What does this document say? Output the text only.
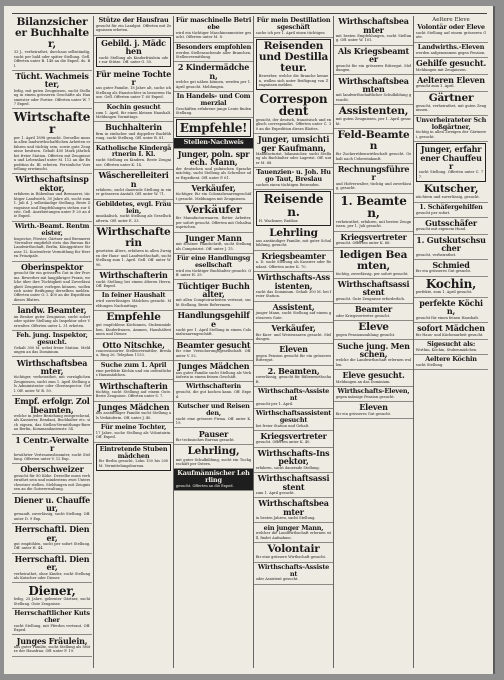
Bilanzsicherer Buchhalter,
33 J., verheirathet, durchaus selbständig, sucht per bald oder später Stellung. Gefl. Offerten unter B. 148 an die Exped. ds. Bl.
Tücht. Wachmeister,
ledig, mit guten Zeugnissen, sucht Stellung in einem grösseren Geschäfte als Hausmeister oder Portier. Offerten unter W. 77 Exped.
Wirtschafter
per 1. April 1898 gesucht. Derselbe muss in allen landwirthschaftlichen Arbeiten erfahren und tüchtig sein, sowie gute Zeugnisse besitzen. Gehalt 400 Mark jährlich bei freier Station. Offerten mit Zeugnissen und Lebenslauf unter M. 112 an die Expedition ds. Bl. erbeten. Persönliche Vorstellung erwünscht.
Wirthschaftsinspektor,
erfahren in Rübenbau und Brennerei, tüchtiger Landwirth, 30 Jahre alt, sucht zum 1. Juli d. J. selbständige Stellung. Beste Zeugnisse und Empfehlungen stehen zur Seite. Gefl. Anerbietungen unter P. 20 an die Exped.
Wirth.-Beamt. Rentmeister,
Inspector, Förster, Gärtner und Brennerei-Verwalter empfiehlt stets das Bureau für Landwirthschaft, Berlin, Königgrätzer Strasse 12. Kostenfreie Vermittlung für Herren Prinzipale.
Oberinspektor
gesucht für ein grösseres Gut in der Provinz. Bewerber mit langjähriger Praxis, welche über ihre Tüchtigkeit und Zuverlässigkeit Zeugnisse vorlegen können, wollen sich unter Beifügung derselben melden. Offerten unter O. I. 400 an die Expedition dieses Blattes.
landw. Beamter,
im Besitze guter Zeugnisse, sucht sofort oder später Stellung als Inspektor oder Verwalter. Offerten unter L. 31 erbeten.
Feh. jung. Inspektor, gesucht.
Gehalt 300 M. nebst freier Station. Meldungen an das Dominium.
Wirthschaftsbeamter,
tüchtiger, verheirathet, mit vorzüglichen Zeugnissen, sucht zum 1. April Stellung als Administrator oder Oberinspector. Gefl. Off. unter W. B. 50.
Empf. erfolgr. Zollbeamten,
welche in jeder Beziehung entsprechend, als Kassierer, Rendant, Buchhalter etc. sich eignen, das Stellen-Vermittlungs-Bureau Berlin, Kommandantenstr. 54.
1 Centr.-Verwalter
bewährter Vertrauensbeamter, sucht Stellung. Offerten unter V. 12 Exp.
Oberschweizer
gesucht für 80 Kühe. Derselbe muss verheirathet sein und mindestens zwei Unterschweizer stellen. Meldungen mit Zeugnissen an die Gutsverwaltung.
Diener u. Chauffeur,
gewandt, zuverlässig, sucht Stellung. Off. unter D. 9 Exp.
Herrschaftl. Diener,
gut empfohlen, sucht per sofort Stellung. Off. unter H. 44.
Herrschaftl. Diener,
verheirathet, ohne Kinder, sucht Stellung als Kutscher oder Diener.
Diener,
ledig, 25 Jahre, gelernter Gärtner, sucht Stellung. Gute Zeugnisse.
Herrschaftlicher Kutscher
sucht Stellung, mit Pferden vertraut. Off. Exped.
Junges Fräulein,
aus guter Familie, sucht Stellung als Stütze der Hausfrau. Off. unter F. 19.
Stütze der Hausfrau
gesucht für ein Landgut. Offerten mit Zeugnissen erbeten.
Gebild. j. Mädchen
sucht Stellung als Kinderfräulein oder zur Stütze. Off. unter G. 55.
Für meine Tochter
aus guter Familie, 18 Jahre alt, suche ich Stellung als Haustochter in besserem Hause. Gefl. Offerten unter T. 60 Exped.
Kochin gesucht
zum 1. April, für einen kleinen Haushalt. Meldungen Vormittags.
Buchhalterin
firm in einfacher und doppelter Buchführung, sucht Stellung. Off. unter B. 81.
Katholische Kindergärtnerin I. Kl.
sucht Stellung zu Kindern. Beste Zeugnisse. Offerten unter K. 14.
Wäscherelleiterin
erfahren, sucht dauernde Stellung in einer grösseren Anstalt. Off. unter W. 71.
Gebildetes, evgl. Fräulein,
musikalisch, sucht Stellung als Gesellschafterin. Off. unter E. 33.
Wirthschafterin
gesetzten Alters, erfahren in allen Zweigen der Haus- und Landwirthschaft, sucht Stellung zum 1. April. Gefl. Off. unter W. 90.
Wirthschafterin
sucht Stellung bei einem älteren Herrn. Off. Exped.
In feiner Haushalt
wird zuverlässiges Mädchen gesucht. Meldungen Nachmittags.
Empfehle
gut empfohlene Köchinnen, Stubenmädchen, Kinderfrauen, Ammen, Haushälterinnen und Diener.
Otto Nitschke,
concessionirter Stellenvermittler, Breslau, Ring 26. Telephon 1153.
Suche zum 1. April
eine perfekte Köchin und ein ordentliches Hausmädchen.
Wirthschafterin
tüchtig, sucht Stellung auf einem Gute. Beste Zeugnisse. Offerten unter S. 7.
Junges Mädchen
aus anständiger Familie sucht Stellung als Verkäuferin. Off. unter J. 40.
Für meine Tochter,
17 Jahre, suche Stellung als Volontairin. Off. Exped.
Eintretende Stubenmädchen
für Berlin gesucht, Lohn 150 bis 200 M. Vermittelungsbureau.
Für maschinelle Betriebe
wird ein tüchtiger Maschinenmeister gesucht. Offerten unter M. 8.
Besonders empfohlen
werden Stellensuchende aller Branchen. Stellenvermittlung.
2 Kindermädchen,
welche gut nähen können, werden per 1. April gesucht. Meldungen.
In Handels- und Commerzial
Geschäften erfahrene junge Leute finden Stellung.
Empfehle!
Stellen-Nachweis
Junger, poln. sprech. Mann,
der deutschen und polnischen Sprache mächtig, sucht Stellung als Schreiber oder Expedient. Off. unter P. 61.
Verkäufer,
tüchtiger, für ein Colonialwaarengeschäft gesucht. Meldungen mit Zeugnissen.
Verkäufer
für Manufacturwaaren, flotter Arbeiter, per sofort gesucht. Offerten mit Gehaltsansprüchen.
Junger Mann
mit schöner Handschrift, sucht Stellung als Comptoirist. Off. unter J. 15.
Für eine Handlungsgesellschaft
wird ein tüchtiger Buchhalter gesucht. Off. unter H. 29.
Tüchtiger Buchhalter,
mit allen Comptoirarbeiten vertraut, sucht Stellung. Beste Referenzen.
Handlungsgehilfe
sucht per 1. April Stellung in einem Colonialwaarengeschäft.
Beamter gesucht
für eine Versicherungsgesellschaft. Off. unter V. 52.
Junges Mädchen
aus guter Familie sucht Stellung als Verkäuferin in einem feinen Geschäft.
Wirthschafterin
gesucht, die gut kochen kann. Off. Exped.
Kutscher und Reisenden,
sucht eine grössere Firma. Off. unter K. 19.
Pauser
für technisches Bureau gesucht.
Lehrling,
mit guter Schulbildung, sucht ein Tuchgeschäft per Ostern.
Kaufmännischer Lehrling
gesucht. Offerten an die Exped.
Für mein Destillationsgeschäft
suche ich per 1. April einen tüchtigen
Reisenden und Destillateur.
Bewerber, welche die Branche kennen, wollen sich unter Beifügung von Zeugnissen melden.
Correspondent
gesucht, der deutsch, französisch und englisch correspondirt. Offerten unter C. 30 an die Expedition dieses Blattes.
Junger, umsichtiger Kaufmann,
Manufacturist, bilanzsicher, sucht Stellung als Buchhalter oder Lagerist. Off. unter M. 88.
Tauenzien- u. Joh. Hugo Taut, Breslau
suchen einen tüchtigen Reisenden.
Reisenden.
H. Wachsner, Ratibor.
Lehrling
aus anständiger Familie, mit guter Schulbildung, gesucht.
Kriegsbeamter
a. D. sucht Stellung als Kassirer oder Rendant. Offerten unter K. 70.
Wirthschafts-Assistenten,
sucht das Dominium. Gehalt 300 M. bei freier Station.
Assistent,
junger Mann, sucht Stellung auf einem grösseren Gute.
Verkäufer,
für Kurz- und Weisswaaren gesucht. Meldungen.
Eleven
gegen Pension gesucht für ein grösseres Rittergut.
2. Beamten,
zuverlässig, gesucht für Rübenwirthschaft.
Wirthschafts-Assistent
gesucht per 1. April.
Wirthschaftsassistent gesucht
bei freier Station und Gehalt.
Kriegsvertreter
gesucht. Offerten unter K. 40.
Wirthschafts-Inspektor,
erfahren, sucht dauernde Stellung.
Wirthschaftsassistent
zum 1. April gesucht.
Wirthschaftsbeamter
in besten Jahren, sucht Stellung.
ein junger Mann,
welcher die Landwirthschaft erlernen will, findet Aufnahme.
Volontair
für eine grössere Wirthschaft gesucht.
Wirthschafts-Assistent
oder Assistent gesucht.
Wirthschaftsbeamter
mit besten Empfehlungen, sucht Stellung. Off. unter W. 101.
Als Kriegsbeamter
gesucht für ein grösseres Rittergut. Meldungen.
Wirthschaftsbeamten
mit landwirthschaftlicher Schulbildung gesucht.
Assistenten,
mit guten Zeugnissen, per 1. April gesucht.
Feld-Beamten
für Zuckerrübenwirthschaft gesucht. Gehalt nach Uebereinkunft.
Rechnungsführer
und Hofverwalter, tüchtig und zuverlässig, gesucht.
1. Beamten,
verheirathet, erfahren, mit besten Zeugnissen, per 1. Juli gesucht.
Kriegsvertreter
gesucht. Offerten unter K. 66.
ledigen Beamten,
tüchtig, zuverlässig, per sofort gesucht.
Wirthschaftsassistent
gesucht. Gute Zeugnisse erforderlich.
Beamter
oder Kriegsvertreter gesucht.
Eleve
gegen Pensionszahlung gesucht.
Suche jung. Menschen,
welche die Landwirthschaft erlernen wollen.
Eleve gesucht.
Meldungen an das Dominium.
Wirthschafts-Eleven,
gegen mässige Pension gesucht.
Eleven
für ein grösseres Gut gesucht.
Aeltere Eleve
Volontär oder Eleve
sucht Stellung auf einem grösseren Gute.
Landwirths.-Eleven
werden aufgenommen gegen Pension.
Gehilfe gesucht.
Meldungen mit Zeugnissen.
Aelteren Eleven
gesucht zum 1. April.
Gärtner
gesucht, verheirathet, mit guten Zeugnissen.
Unverheirateter Schloßgärtner,
tüchtig in allen Zweigen der Gärtnerei, gesucht.
Junger, erfahrener Chauffeur
sucht Stellung. Offerten unter C. 77.
Kutscher,
nüchtern und zuverlässig, gesucht.
1. Schäfergehilfen
gesucht per sofort.
Gutsschäfer
gesucht mit eigenem Hund.
1. Gutskutschsucher
gesucht, verheirathet.
Schmied
für ein grösseres Gut gesucht.
Kochin,
perfekte, zum 1. April gesucht.
perfekte Köchin,
gesucht für einen feinen Haushalt.
sofort Mädchen
für Haus- und Küchenarbeit gesucht.
Sigesucht als:
Wirthin, Köchin, Stubenmädchen.
Aeltere Köchin
sucht Stellung.
